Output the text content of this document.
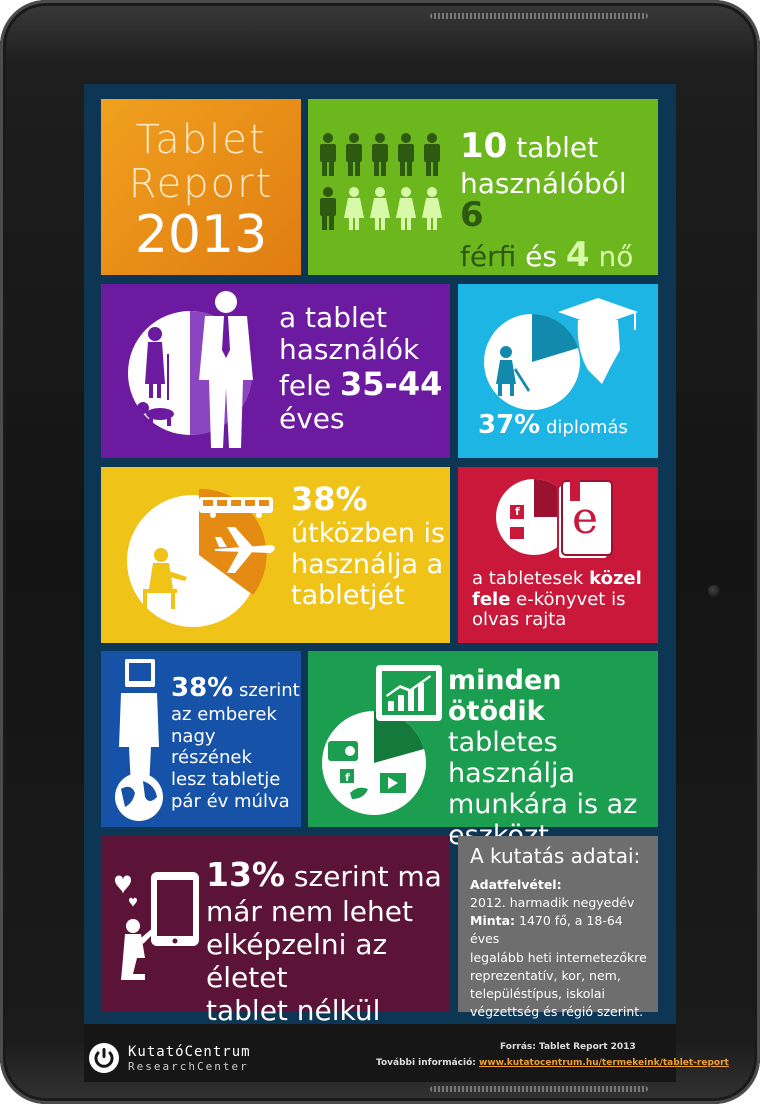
Tablet
Report
2013
10 tablet
használóból 6
férfi és 4 nő
a tablet
használók
fele 35-44
éves	37% diplomás
38%
útközben is
használja a
tabletjét
e
f
a tabletesek közel
fele e-könyvet is
olvas rajta
38% szerint
az emberek
nagy részének
lesz tabletje
pár év múlva
f
minden ötödik
tabletes
használja
munkára is az
13% szerint ma
már nem lehet
elképzelni az életet
tablet nélkül
A kutatás adatai:
Adatfelvétel:
2012. harmadik negyedév
Minta: 1470 fő, a 18-64 éves
legalább heti internetezőkre
reprezentatív, kor, nem,
településtípus, iskolai
végzettség és régió szerint.
KutatóCentrum
ResearchCenter
Forrás: Tablet Report 2013
További információ: www.kutatocentrum.hu/termekeink/tablet-report
